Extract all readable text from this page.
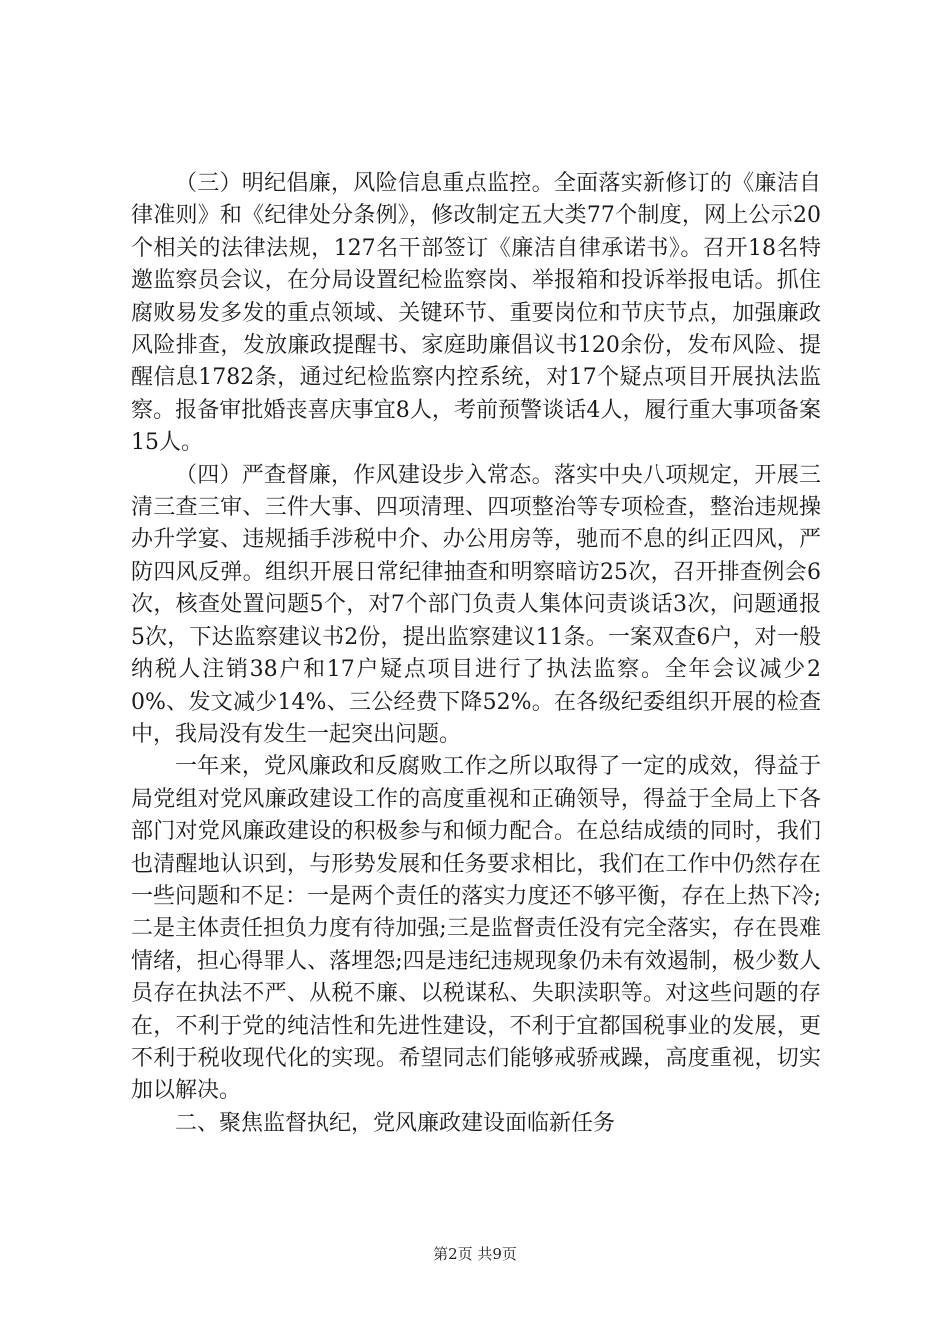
（三）明纪倡廉，风险信息重点监控。全面落实新修订的《廉洁自律准则》和《纪律处分条例》，修改制定五大类77个制度，网上公示20个相关的法律法规，127名干部签订《廉洁自律承诺书》。召开18名特邀监察员会议，在分局设置纪检监察岗、举报箱和投诉举报电话。抓住腐败易发多发的重点领域、关键环节、重要岗位和节庆节点，加强廉政风险排查，发放廉政提醒书、家庭助廉倡议书120余份，发布风险、提醒信息1782条，通过纪检监察内控系统，对17个疑点项目开展执法监察。报备审批婚丧喜庆事宜8人，考前预警谈话4人，履行重大事项备案15人。

（四）严查督廉，作风建设步入常态。落实中央八项规定，开展三清三查三审、三件大事、四项清理、四项整治等专项检查，整治违规操办升学宴、违规插手涉税中介、办公用房等，驰而不息的纠正四风，严防四风反弹。组织开展日常纪律抽查和明察暗访25次，召开排查例会6次，核查处置问题5个，对7个部门负责人集体问责谈话3次，问题通报5次，下达监察建议书2份，提出监察建议11条。一案双查6户，对一般纳税人注销38户和17户疑点项目进行了执法监察。全年会议减少20%、发文减少14%、三公经费下降52%。在各级纪委组织开展的检查中，我局没有发生一起突出问题。

一年来，党风廉政和反腐败工作之所以取得了一定的成效，得益于局党组对党风廉政建设工作的高度重视和正确领导，得益于全局上下各部门对党风廉政建设的积极参与和倾力配合。在总结成绩的同时，我们也清醒地认识到，与形势发展和任务要求相比，我们在工作中仍然存在一些问题和不足：一是两个责任的落实力度还不够平衡，存在上热下冷;二是主体责任担负力度有待加强;三是监督责任没有完全落实，存在畏难情绪，担心得罪人、落埋怨;四是违纪违规现象仍未有效遏制，极少数人员存在执法不严、从税不廉、以税谋私、失职渎职等。对这些问题的存在，不利于党的纯洁性和先进性建设，不利于宜都国税事业的发展，更不利于税收现代化的实现。希望同志们能够戒骄戒躁，高度重视，切实加以解决。

二、聚焦监督执纪，党风廉政建设面临新任务

第2页 共9页
